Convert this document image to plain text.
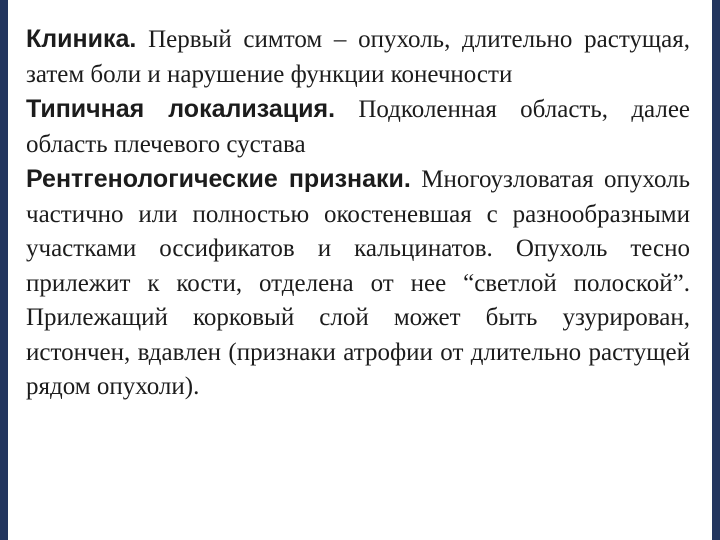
Клиника. Первый симтом – опухоль, длительно растущая, затем боли и нарушение функции конечности

Типичная локализация. Подколенная область, далее область плечевого сустава

Рентгенологические признаки. Многоузловатая опухоль частично или полностью окостеневшая с разнообразными участками оссификатов и кальцинатов. Опухоль тесно прилежит к кости, отделена от нее “светлой полоской”. Прилежащий корковый слой может быть узурирован, истончен, вдавлен (признаки атрофии от длительно растущей рядом опухоли).
